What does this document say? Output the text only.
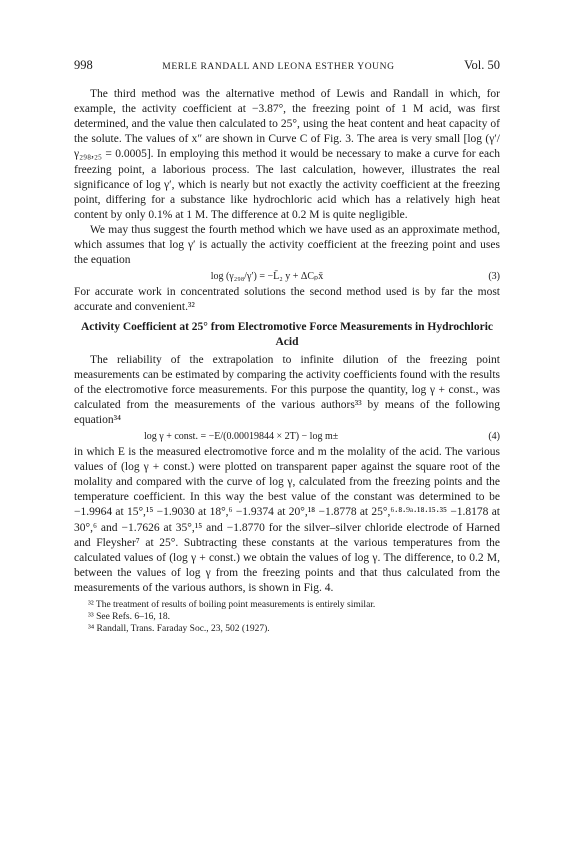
998	MERLE RANDALL AND LEONA ESTHER YOUNG	Vol. 50

The third method was the alternative method of Lewis and Randall in which, for example, the activity coefficient at −3.87°, the freezing point of 1 M acid, was first determined, and the value then calculated to 25°, using the heat content and heat capacity of the solute. The values of x″ are shown in Curve C of Fig. 3. The area is very small [log (γ′/γ₂₉₈,₂₅ = 0.0005]. In employing this method it would be necessary to make a curve for each freezing point, a laborious process. The last calculation, however, illustrates the real significance of log γ′, which is nearly but not exactly the activity coefficient at the freezing point, differing for a substance like hydrochloric acid which has a relatively high heat content by only 0.1% at 1 M. The difference at 0.2 M is quite negligible.

We may thus suggest the fourth method which we have used as an approximate method, which assumes that log γ′ is actually the activity coefficient at the freezing point and uses the equation

log (γ₂₉₈/γ′) = −L̄₂ y + ΔCₚx̄	(3)

For accurate work in concentrated solutions the second method used is by far the most accurate and convenient.³²

Activity Coefficient at 25° from Electromotive Force Measurements in Hydrochloric Acid

The reliability of the extrapolation to infinite dilution of the freezing point measurements can be estimated by comparing the activity coefficients found with the results of the electromotive force measurements. For this purpose the quantity, log γ + const., was calculated from the measurements of the various authors³³ by means of the following equation³⁴

log γ + const. = −E/(0.00019844 × 2T) − log m±	(4)

in which E is the measured electromotive force and m the molality of the acid. The various values of (log γ + const.) were plotted on transparent paper against the square root of the molality and compared with the curve of log γ, calculated from the freezing points and the temperature coefficient. In this way the best value of the constant was determined to be −1.9964 at 15°,¹⁵ −1.9030 at 18°,⁶ −1.9374 at 20°,¹⁸ −1.8778 at 25°,⁶·⁸·⁹ᵃ·¹⁸·¹⁵·³⁵ −1.8178 at 30°,⁶ and −1.7626 at 35°,¹⁵ and −1.8770 for the silver–silver chloride electrode of Harned and Fleysher⁷ at 25°. Subtracting these constants at the various temperatures from the calculated values of (log γ + const.) we obtain the values of log γ. The difference, to 0.2 M, between the values of log γ from the freezing points and that thus calculated from the measurements of the various authors, is shown in Fig. 4.

³² The treatment of results of boiling point measurements is entirely similar.
³³ See Refs. 6–16, 18.
³⁴ Randall, Trans. Faraday Soc., 23, 502 (1927).
